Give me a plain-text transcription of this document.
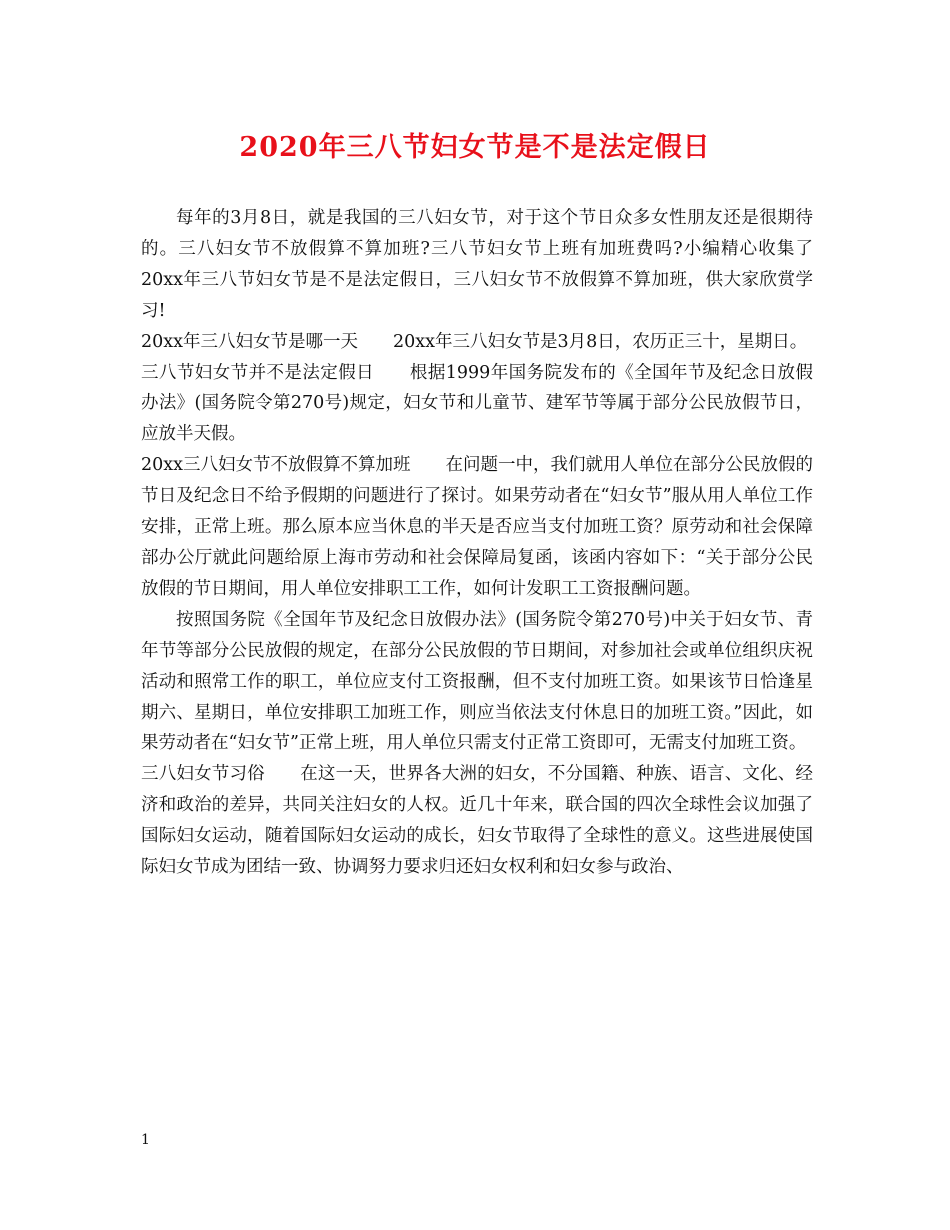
2020年三八节妇女节是不是法定假日

每年的3月8日，就是我国的三八妇女节，对于这个节日众多女性朋友还是很期待的。三八妇女节不放假算不算加班?三八节妇女节上班有加班费吗?小编精心收集了20xx年三八节妇女节是不是法定假日，三八妇女节不放假算不算加班，供大家欣赏学习!

20xx年三八妇女节是哪一天　　20xx年三八妇女节是3月8日，农历正三十，星期日。

三八节妇女节并不是法定假日　　根据1999年国务院发布的《全国年节及纪念日放假办法》(国务院令第270号)规定，妇女节和儿童节、建军节等属于部分公民放假节日，应放半天假。

20xx三八妇女节不放假算不算加班　　在问题一中，我们就用人单位在部分公民放假的节日及纪念日不给予假期的问题进行了探讨。如果劳动者在“妇女节”服从用人单位工作安排，正常上班。那么原本应当休息的半天是否应当支付加班工资？原劳动和社会保障部办公厅就此问题给原上海市劳动和社会保障局复函，该函内容如下：“关于部分公民放假的节日期间，用人单位安排职工工作，如何计发职工工资报酬问题。

按照国务院《全国年节及纪念日放假办法》(国务院令第270号)中关于妇女节、青年节等部分公民放假的规定，在部分公民放假的节日期间，对参加社会或单位组织庆祝活动和照常工作的职工，单位应支付工资报酬，但不支付加班工资。如果该节日恰逢星期六、星期日，单位安排职工加班工作，则应当依法支付休息日的加班工资。”因此，如果劳动者在“妇女节”正常上班，用人单位只需支付正常工资即可，无需支付加班工资。

三八妇女节习俗　　在这一天，世界各大洲的妇女，不分国籍、种族、语言、文化、经济和政治的差异，共同关注妇女的人权。近几十年来，联合国的四次全球性会议加强了国际妇女运动，随着国际妇女运动的成长，妇女节取得了全球性的意义。这些进展使国际妇女节成为团结一致、协调努力要求归还妇女权利和妇女参与政治、

1
